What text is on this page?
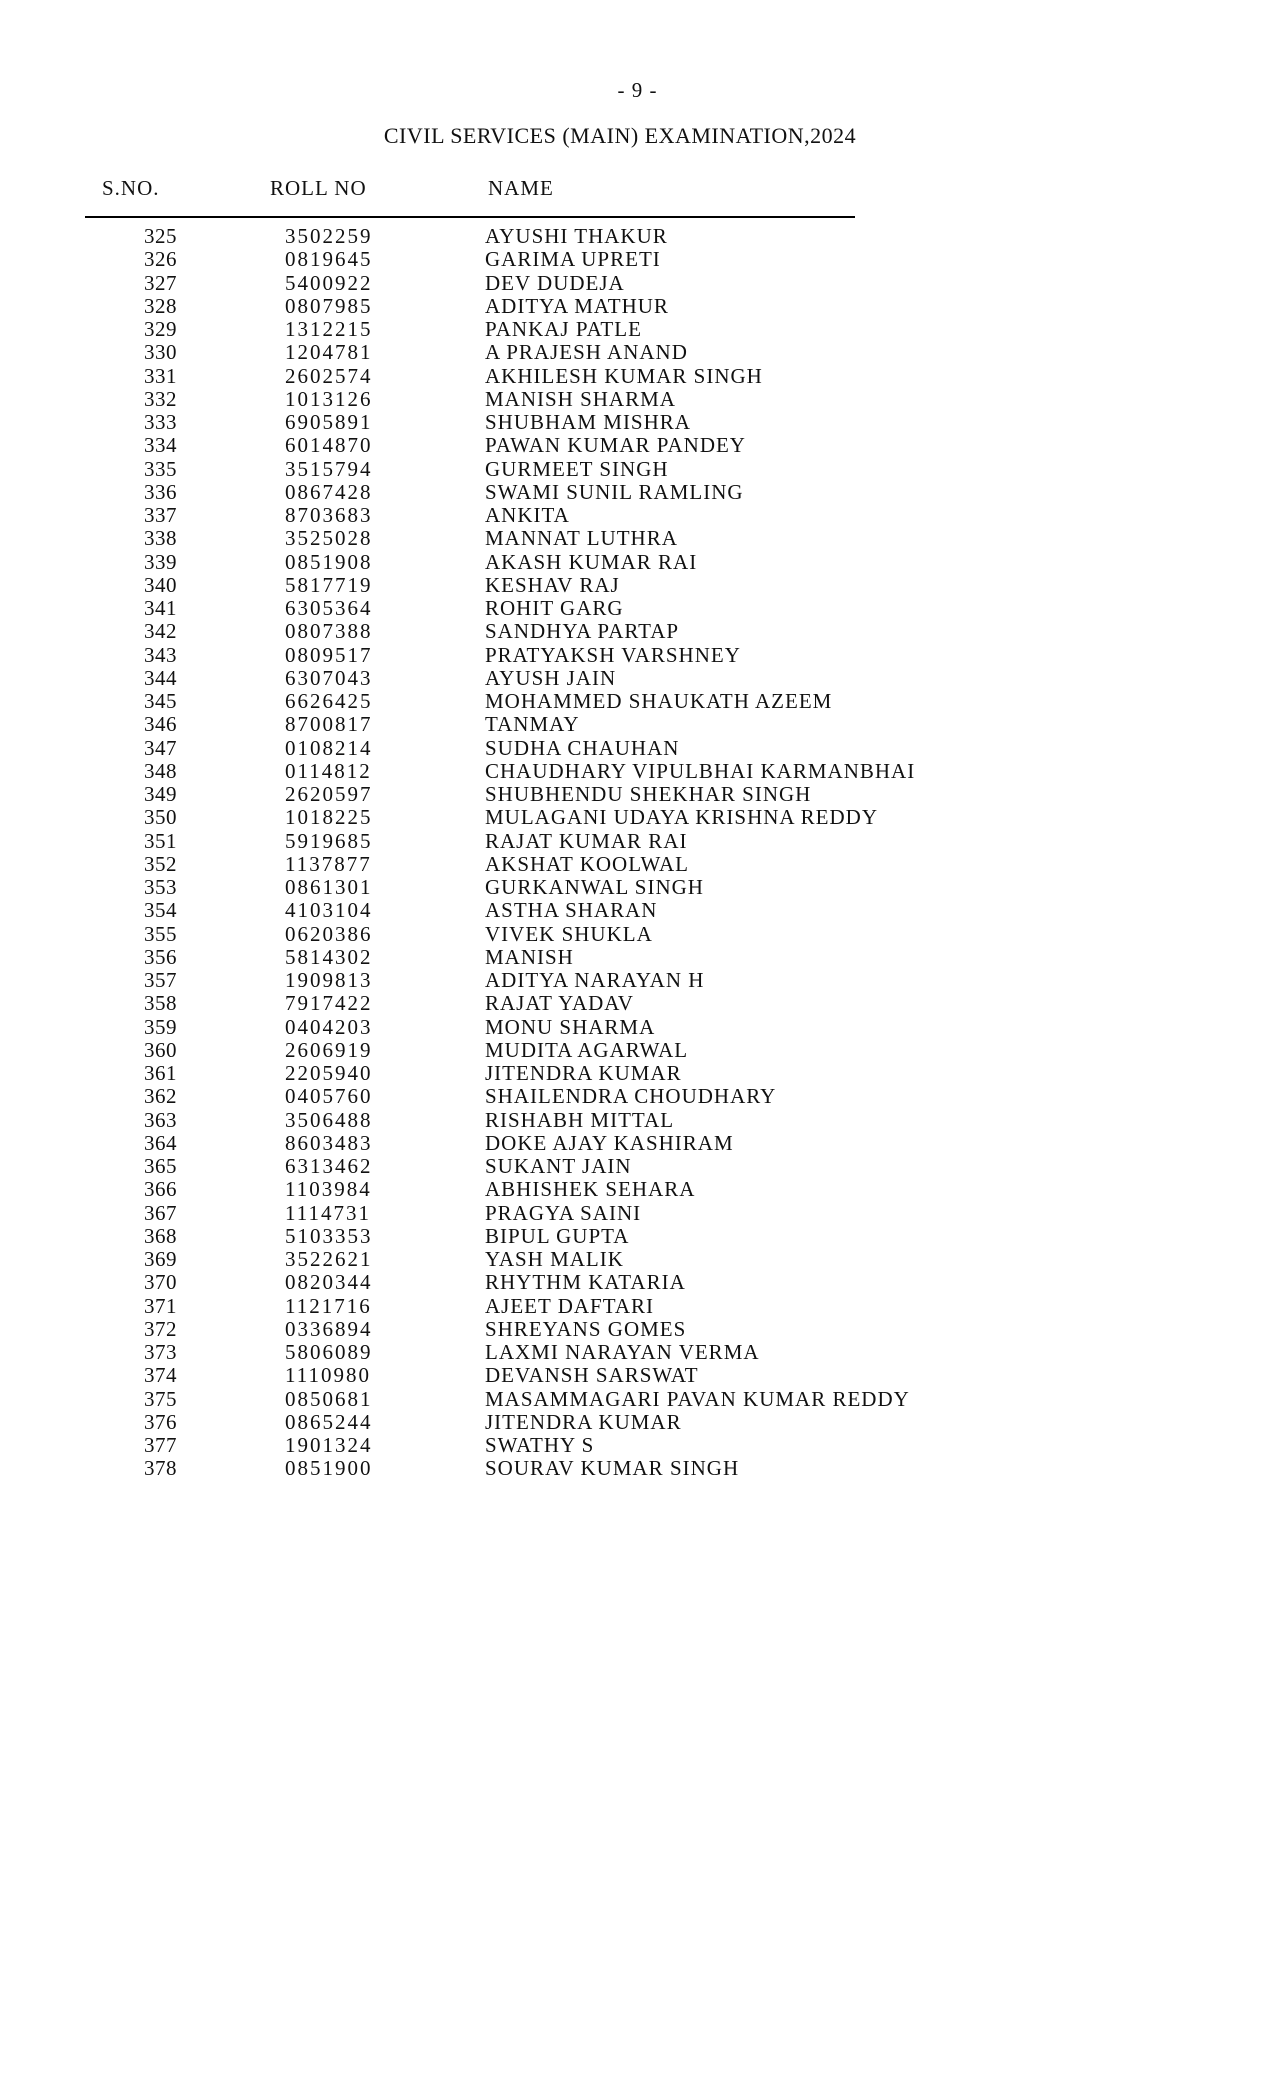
- 9 -
CIVIL SERVICES (MAIN) EXAMINATION,2024
S.NO.	ROLL NO	NAME
325	3502259	AYUSHI THAKUR
326	0819645	GARIMA UPRETI
327	5400922	DEV DUDEJA
328	0807985	ADITYA MATHUR
329	1312215	PANKAJ PATLE
330	1204781	A PRAJESH ANAND
331	2602574	AKHILESH KUMAR SINGH
332	1013126	MANISH SHARMA
333	6905891	SHUBHAM MISHRA
334	6014870	PAWAN KUMAR PANDEY
335	3515794	GURMEET SINGH
336	0867428	SWAMI SUNIL RAMLING
337	8703683	ANKITA
338	3525028	MANNAT LUTHRA
339	0851908	AKASH KUMAR RAI
340	5817719	KESHAV RAJ
341	6305364	ROHIT GARG
342	0807388	SANDHYA PARTAP
343	0809517	PRATYAKSH VARSHNEY
344	6307043	AYUSH JAIN
345	6626425	MOHAMMED SHAUKATH AZEEM
346	8700817	TANMAY
347	0108214	SUDHA CHAUHAN
348	0114812	CHAUDHARY VIPULBHAI KARMANBHAI
349	2620597	SHUBHENDU SHEKHAR SINGH
350	1018225	MULAGANI UDAYA KRISHNA REDDY
351	5919685	RAJAT KUMAR RAI
352	1137877	AKSHAT KOOLWAL
353	0861301	GURKANWAL SINGH
354	4103104	ASTHA SHARAN
355	0620386	VIVEK SHUKLA
356	5814302	MANISH
357	1909813	ADITYA NARAYAN H
358	7917422	RAJAT YADAV
359	0404203	MONU SHARMA
360	2606919	MUDITA AGARWAL
361	2205940	JITENDRA KUMAR
362	0405760	SHAILENDRA CHOUDHARY
363	3506488	RISHABH MITTAL
364	8603483	DOKE AJAY KASHIRAM
365	6313462	SUKANT JAIN
366	1103984	ABHISHEK SEHARA
367	1114731	PRAGYA SAINI
368	5103353	BIPUL GUPTA
369	3522621	YASH MALIK
370	0820344	RHYTHM KATARIA
371	1121716	AJEET DAFTARI
372	0336894	SHREYANS GOMES
373	5806089	LAXMI NARAYAN VERMA
374	1110980	DEVANSH SARSWAT
375	0850681	MASAMMAGARI PAVAN KUMAR REDDY
376	0865244	JITENDRA KUMAR
377	1901324	SWATHY S
378	0851900	SOURAV KUMAR SINGH
